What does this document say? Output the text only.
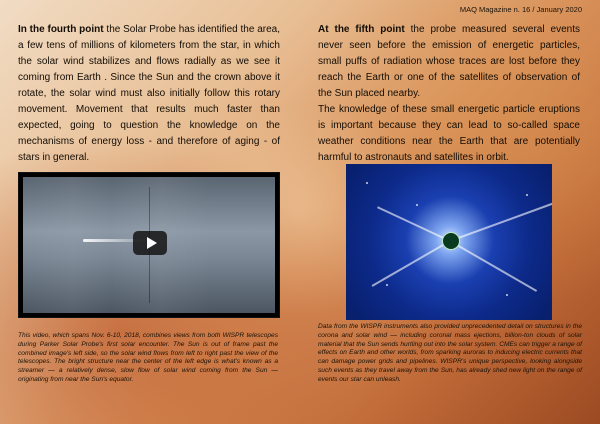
MAQ Magazine n. 16 / January 2020

In the fourth point the Solar Probe has identified the area, a few tens of millions of kilometers from the star, in which the solar wind stabilizes and flows radially as we see it coming from Earth . Since the Sun and the crown above it rotate, the solar wind must also initially follow this rotary movement. Movement that results much faster than expected, going to question the knowledge on the mechanisms of energy loss - and therefore of aging - of stars in general.

At the fifth point the probe measured several events never seen before the emission of energetic particles, small puffs of radiation whose traces are lost before they reach the Earth or one of the satellites of observation of the Sun placed nearby.

The knowledge of these small energetic particle eruptions is important because they can lead to so-called space weather conditions near the Earth that are potentially harmful to astronauts and satellites in orbit.

This video, which spans Nov. 6-10, 2018, combines views from both WISPR telescopes during Parker Solar Probe's first solar encounter. The Sun is out of frame past the combined image's left side, so the solar wind flows from left to right past the view of the telescopes. The bright structure near the center of the left edge is what's known as a streamer — a relatively dense, slow flow of solar wind coming from the Sun — originating from near the Sun's equator.
Data from the WISPR instruments also provided unprecedented detail on structures in the corona and solar wind — including coronal mass ejections, billion-ton clouds of solar material that the Sun sends hurtling out into the solar system. CMEs can trigger a range of effects on Earth and other worlds, from sparking auroras to inducing electric currents that can damage power grids and pipelines. WISPR's unique perspective, looking alongside such events as they travel away from the Sun, has already shed new light on the range of events our star can unleash.
